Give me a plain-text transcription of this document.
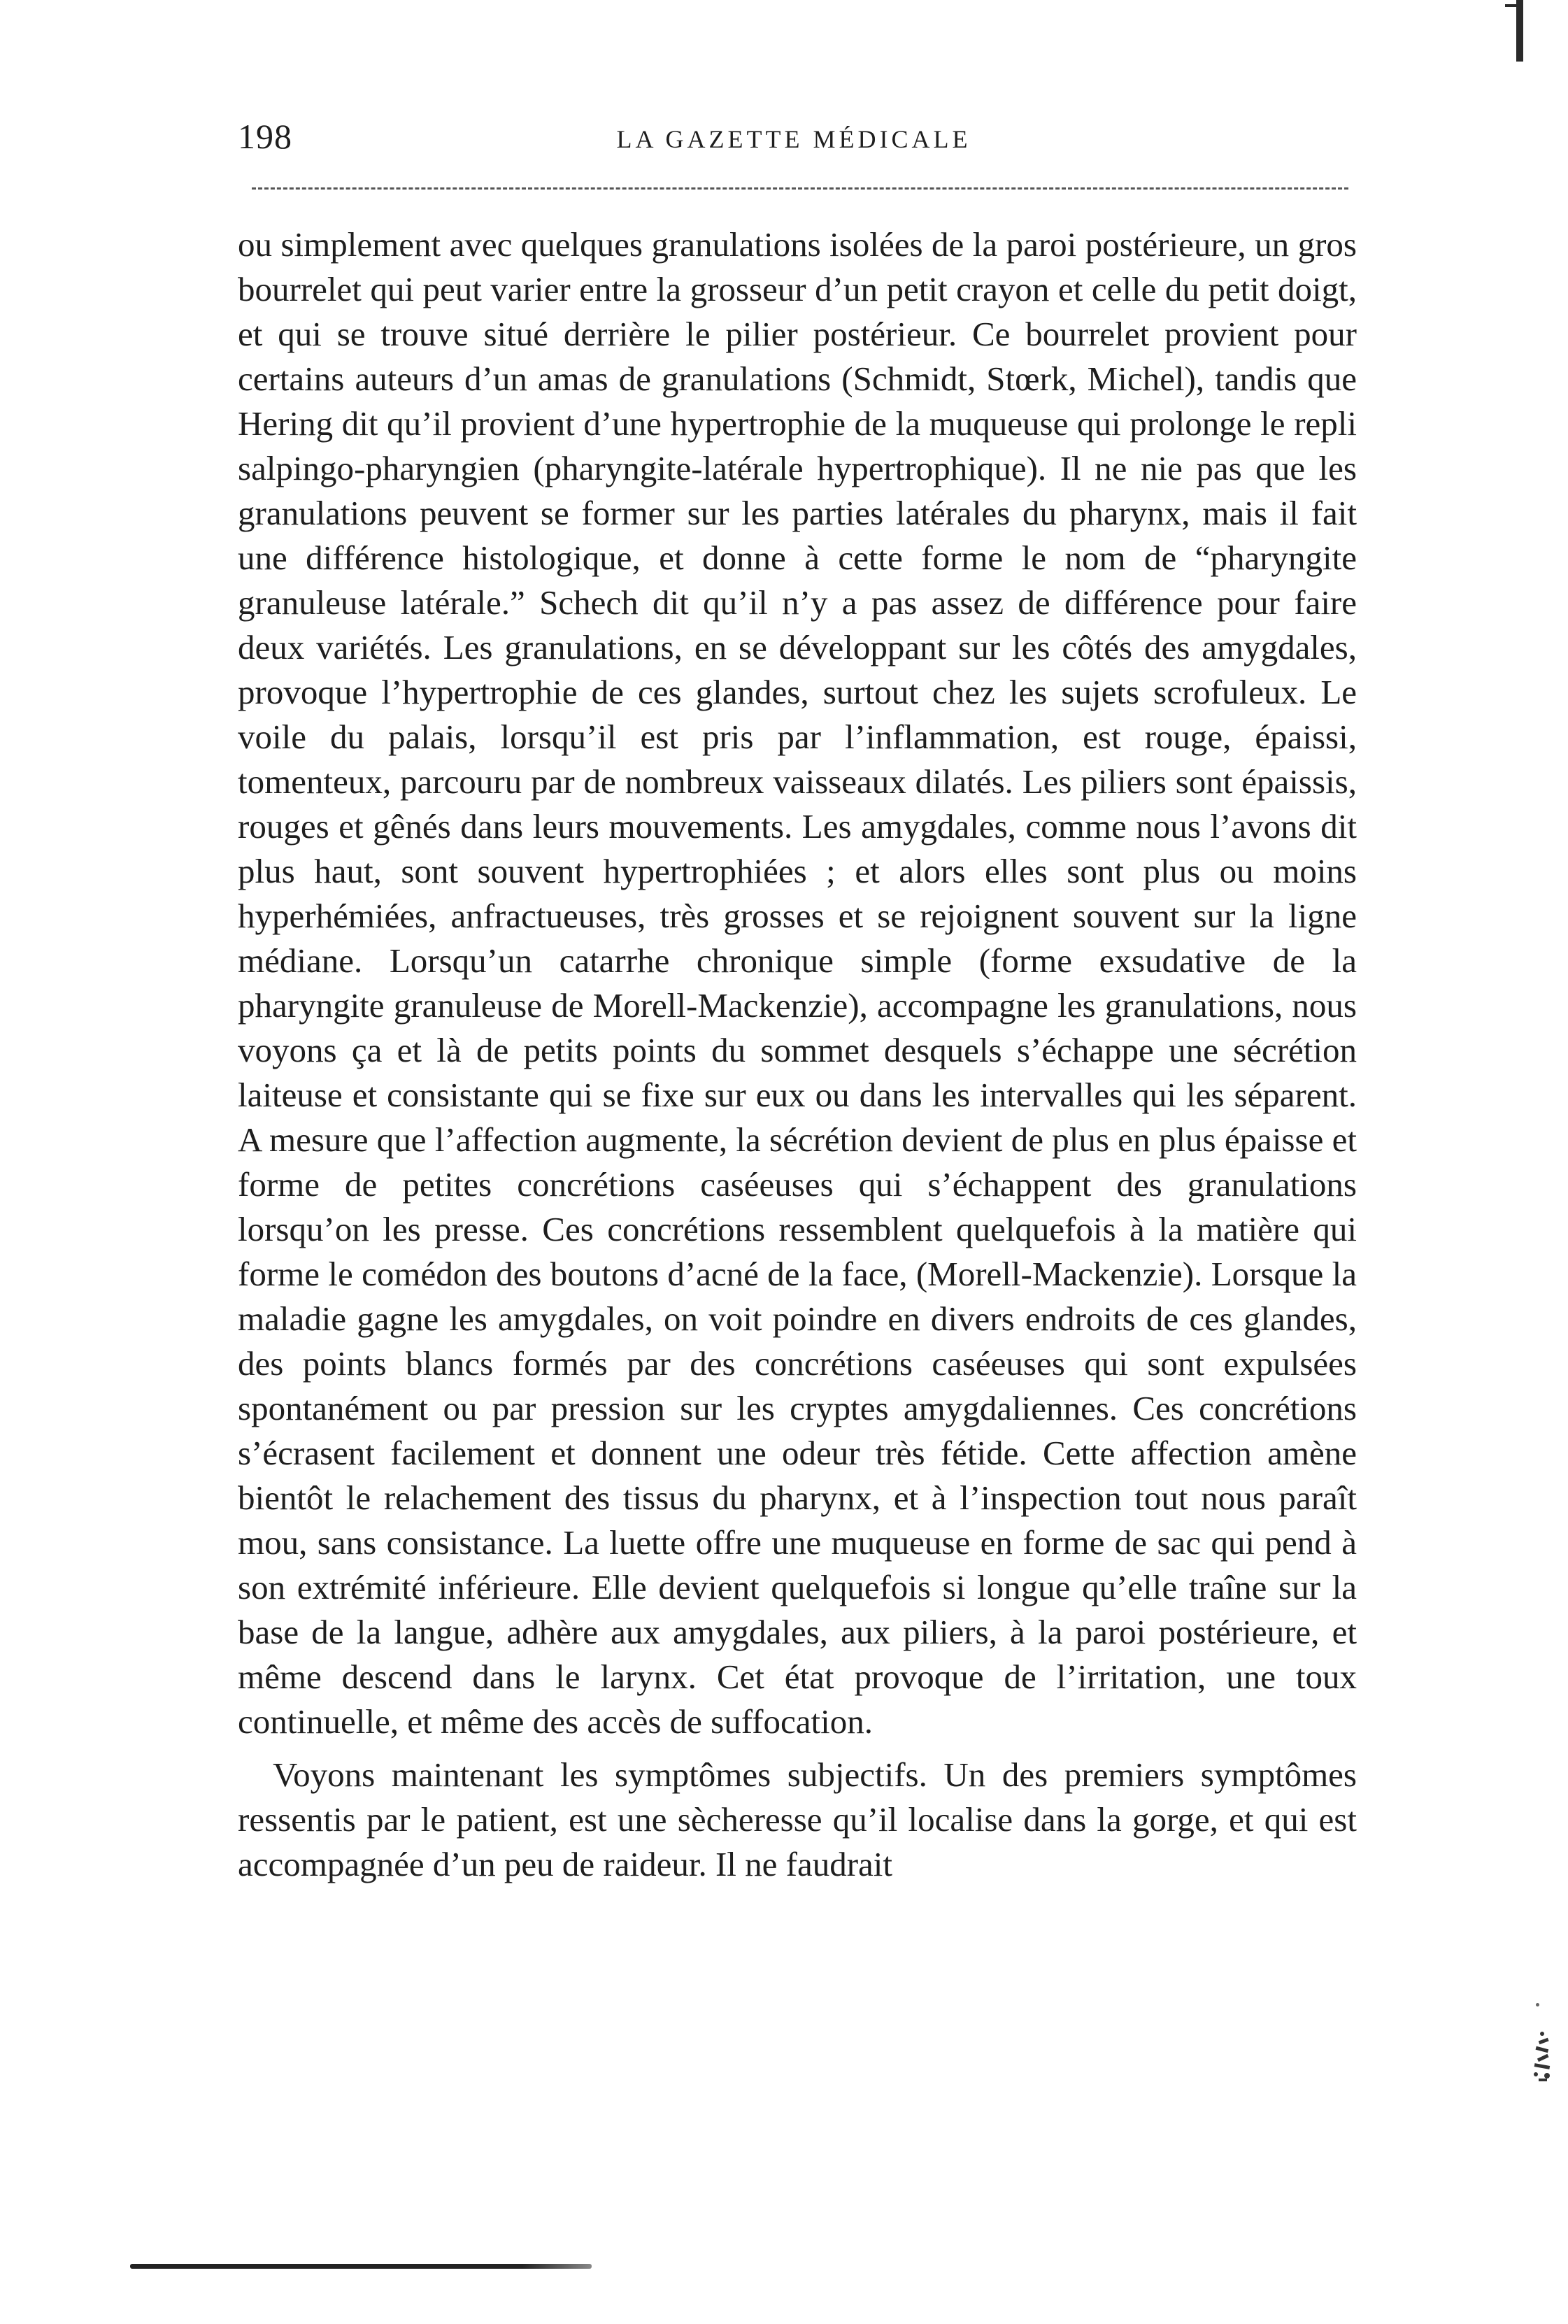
198	LA GAZETTE MÉDICALE

ou simplement avec quelques granulations isolées de la paroi postérieure, un gros bourrelet qui peut varier entre la grosseur d’un petit crayon et celle du petit doigt, et qui se trouve situé derrière le pilier postérieur. Ce bourrelet provient pour certains auteurs d’un amas de granulations (Schmidt, Stœrk, Michel), tandis que Hering dit qu’il provient d’une hypertrophie de la muqueuse qui prolonge le repli salpingo-pharyngien (pharyngite-latérale hypertrophique). Il ne nie pas que les granulations peuvent se former sur les parties latérales du pharynx, mais il fait une différence histologique, et donne à cette forme le nom de “pharyngite granuleuse latérale.” Schech dit qu’il n’y a pas assez de différence pour faire deux variétés. Les granulations, en se développant sur les côtés des amygdales, provoque l’hypertrophie de ces glandes, surtout chez les sujets scrofuleux. Le voile du palais, lorsqu’il est pris par l’inflammation, est rouge, épaissi, tomenteux, parcouru par de nombreux vaisseaux dilatés. Les piliers sont épaissis, rouges et gênés dans leurs mouvements. Les amygdales, comme nous l’avons dit plus haut, sont souvent hypertrophiées ; et alors elles sont plus ou moins hyperhémiées, anfractueuses, très grosses et se rejoignent souvent sur la ligne médiane. Lorsqu’un catarrhe chronique simple (forme exsudative de la pharyngite granuleuse de Morell-Mackenzie), accompagne les granulations, nous voyons ça et là de petits points du sommet desquels s’échappe une sécrétion laiteuse et consistante qui se fixe sur eux ou dans les intervalles qui les séparent. A mesure que l’affection augmente, la sécrétion devient de plus en plus épaisse et forme de petites concrétions caséeuses qui s’échappent des granulations lorsqu’on les presse. Ces concrétions ressemblent quelquefois à la matière qui forme le comédon des boutons d’acné de la face, (Morell-Mackenzie). Lorsque la maladie gagne les amygdales, on voit poindre en divers endroits de ces glandes, des points blancs formés par des concrétions caséeuses qui sont expulsées spontanément ou par pression sur les cryptes amygdaliennes. Ces concrétions s’écrasent facilement et donnent une odeur très fétide. Cette affection amène bientôt le relachement des tissus du pharynx, et à l’inspection tout nous paraît mou, sans consistance. La luette offre une muqueuse en forme de sac qui pend à son extrémité inférieure. Elle devient quelquefois si longue qu’elle traîne sur la base de la langue, adhère aux amygdales, aux piliers, à la paroi postérieure, et même descend dans le larynx. Cet état provoque de l’irritation, une toux continuelle, et même des accès de suffocation.

Voyons maintenant les symptômes subjectifs. Un des premiers symptômes ressentis par le patient, est une sècheresse qu’il localise dans la gorge, et qui est accompagnée d’un peu de raideur. Il ne faudrait
